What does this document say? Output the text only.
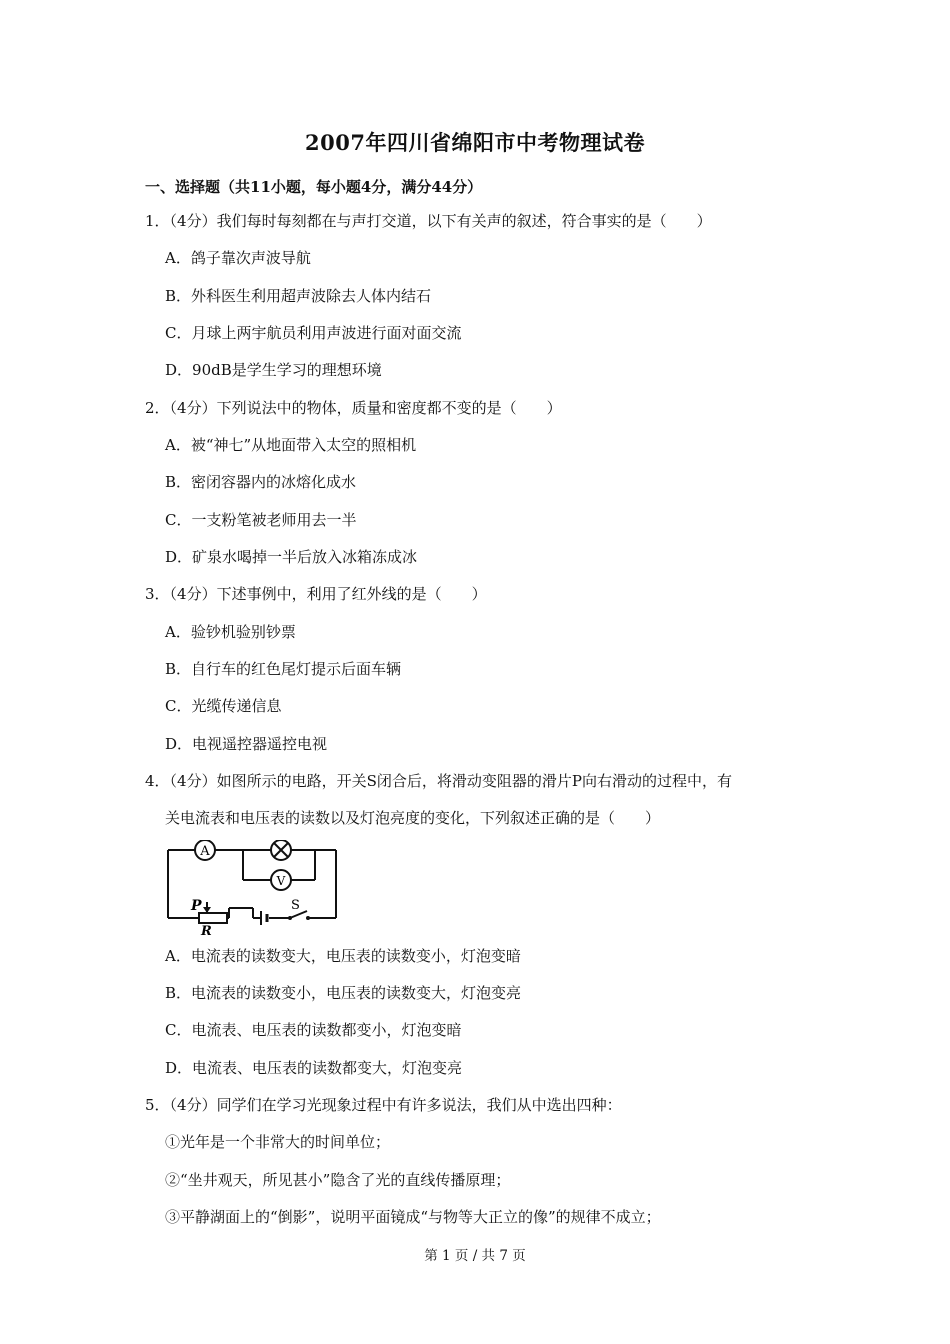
2007年四川省绵阳市中考物理试卷
一、选择题（共11小题，每小题4分，满分44分）
1．（4分）我们每时每刻都在与声打交道，以下有关声的叙述，符合事实的是（　　）
A．鸽子靠次声波导航
B．外科医生利用超声波除去人体内结石
C．月球上两宇航员利用声波进行面对面交流
D．90dB是学生学习的理想环境
2．（4分）下列说法中的物体，质量和密度都不变的是（　　）
A．被“神七”从地面带入太空的照相机
B．密闭容器内的冰熔化成水
C．一支粉笔被老师用去一半
D．矿泉水喝掉一半后放入冰箱冻成冰
3．（4分）下述事例中，利用了红外线的是（　　）
A．验钞机验别钞票
B．自行车的红色尾灯提示后面车辆
C．光缆传递信息
D．电视遥控器遥控电视
4．（4分）如图所示的电路，开关S闭合后，将滑动变阻器的滑片P向右滑动的过程中，有
关电流表和电压表的读数以及灯泡亮度的变化，下列叙述正确的是（　　）
A
V
P
R
S
A．电流表的读数变大，电压表的读数变小，灯泡变暗
B．电流表的读数变小，电压表的读数变大，灯泡变亮
C．电流表、电压表的读数都变小，灯泡变暗
D．电流表、电压表的读数都变大，灯泡变亮
5．（4分）同学们在学习光现象过程中有许多说法，我们从中选出四种：
①光年是一个非常大的时间单位；
②“坐井观天，所见甚小”隐含了光的直线传播原理；
③平静湖面上的“倒影”，说明平面镜成“与物等大正立的像”的规律不成立；
第 1 页 / 共 7 页
